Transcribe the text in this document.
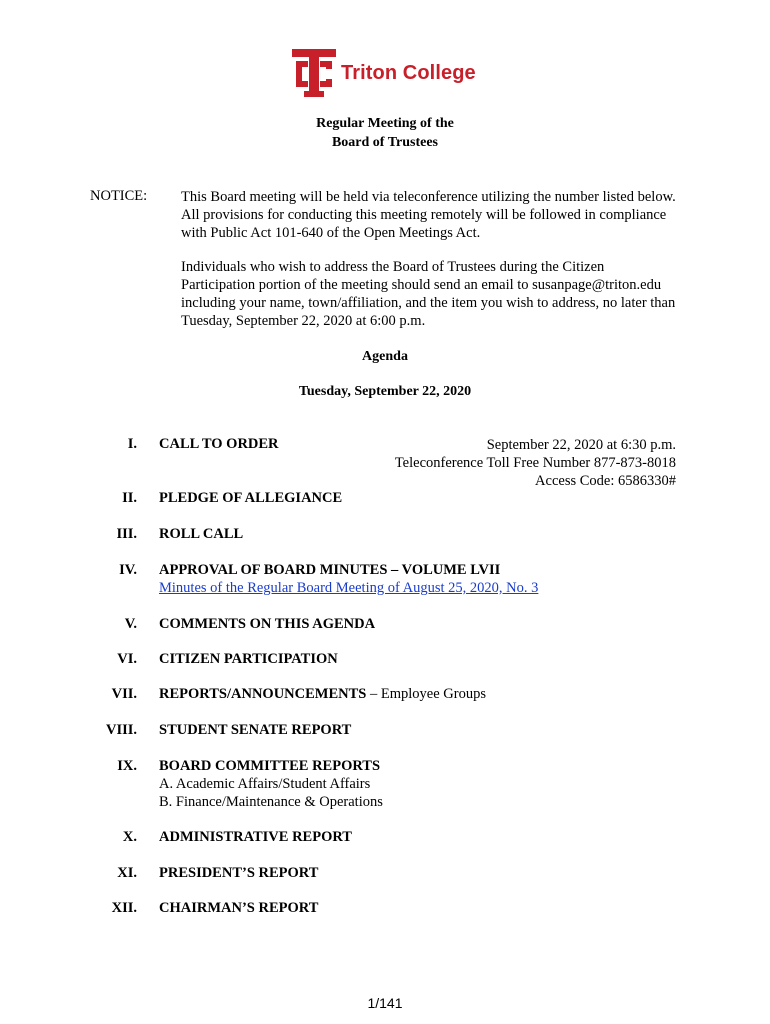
Triton College
Regular Meeting of the
Board of Trustees
NOTICE: This Board meeting will be held via teleconference utilizing the number listed below. All provisions for conducting this meeting remotely will be followed in compliance with Public Act 101-640 of the Open Meetings Act.
Individuals who wish to address the Board of Trustees during the Citizen Participation portion of the meeting should send an email to susanpage@triton.edu including your name, town/affiliation, and the item you wish to address, no later than Tuesday, September 22, 2020 at 6:00 p.m.
Agenda
Tuesday, September 22, 2020
September 22, 2020 at 6:30 p.m.
Teleconference Toll Free Number 877-873-8018
Access Code: 6586330#
I. CALL TO ORDER
II. PLEDGE OF ALLEGIANCE
III. ROLL CALL
IV. APPROVAL OF BOARD MINUTES – VOLUME LVII
Minutes of the Regular Board Meeting of August 25, 2020, No. 3
V. COMMENTS ON THIS AGENDA
VI. CITIZEN PARTICIPATION
VII. REPORTS/ANNOUNCEMENTS – Employee Groups
VIII. STUDENT SENATE REPORT
IX. BOARD COMMITTEE REPORTS
A. Academic Affairs/Student Affairs
B. Finance/Maintenance & Operations
X. ADMINISTRATIVE REPORT
XI. PRESIDENT’S REPORT
XII. CHAIRMAN’S REPORT
1/141
